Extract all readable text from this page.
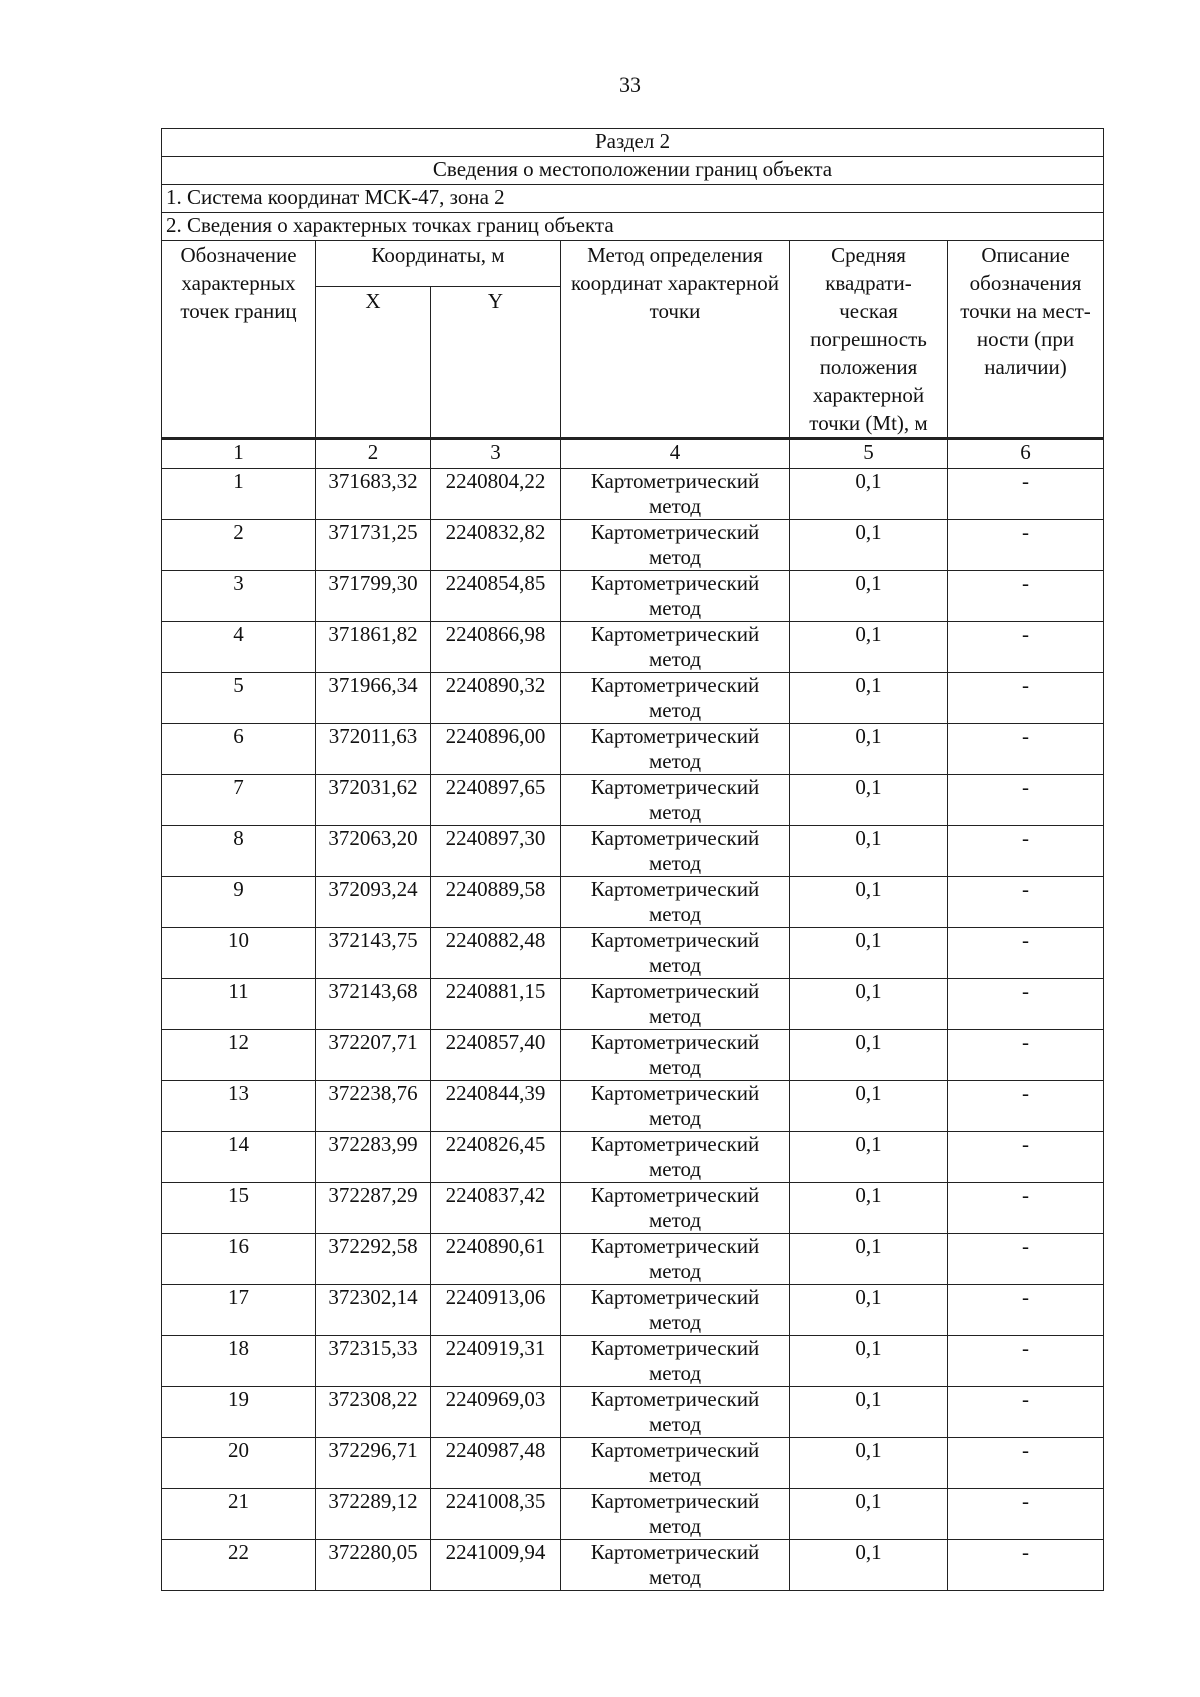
33
Раздел 2					
Сведения о местоположении границ объекта					
1. Система координат МСК-47, зона 2					
2. Сведения о характерных точках границ объекта					
Обозначение характерных точек границ	Координаты, м		Метод определения координат характерной точки	Средняя квадрати- ческая погрешность положения характерной точки (Mt), м	Описание обозначения точки на мест- ности (при наличии)
	X	Y			
1	2	3	4	5	6
1	371683,32	2240804,22	Картометрический метод	0,1	-
2	371731,25	2240832,82	Картометрический метод	0,1	-
3	371799,30	2240854,85	Картометрический метод	0,1	-
4	371861,82	2240866,98	Картометрический метод	0,1	-
5	371966,34	2240890,32	Картометрический метод	0,1	-
6	372011,63	2240896,00	Картометрический метод	0,1	-
7	372031,62	2240897,65	Картометрический метод	0,1	-
8	372063,20	2240897,30	Картометрический метод	0,1	-
9	372093,24	2240889,58	Картометрический метод	0,1	-
10	372143,75	2240882,48	Картометрический метод	0,1	-
11	372143,68	2240881,15	Картометрический метод	0,1	-
12	372207,71	2240857,40	Картометрический метод	0,1	-
13	372238,76	2240844,39	Картометрический метод	0,1	-
14	372283,99	2240826,45	Картометрический метод	0,1	-
15	372287,29	2240837,42	Картометрический метод	0,1	-
16	372292,58	2240890,61	Картометрический метод	0,1	-
17	372302,14	2240913,06	Картометрический метод	0,1	-
18	372315,33	2240919,31	Картометрический метод	0,1	-
19	372308,22	2240969,03	Картометрический метод	0,1	-
20	372296,71	2240987,48	Картометрический метод	0,1	-
21	372289,12	2241008,35	Картометрический метод	0,1	-
22	372280,05	2241009,94	Картометрический метод	0,1	-
